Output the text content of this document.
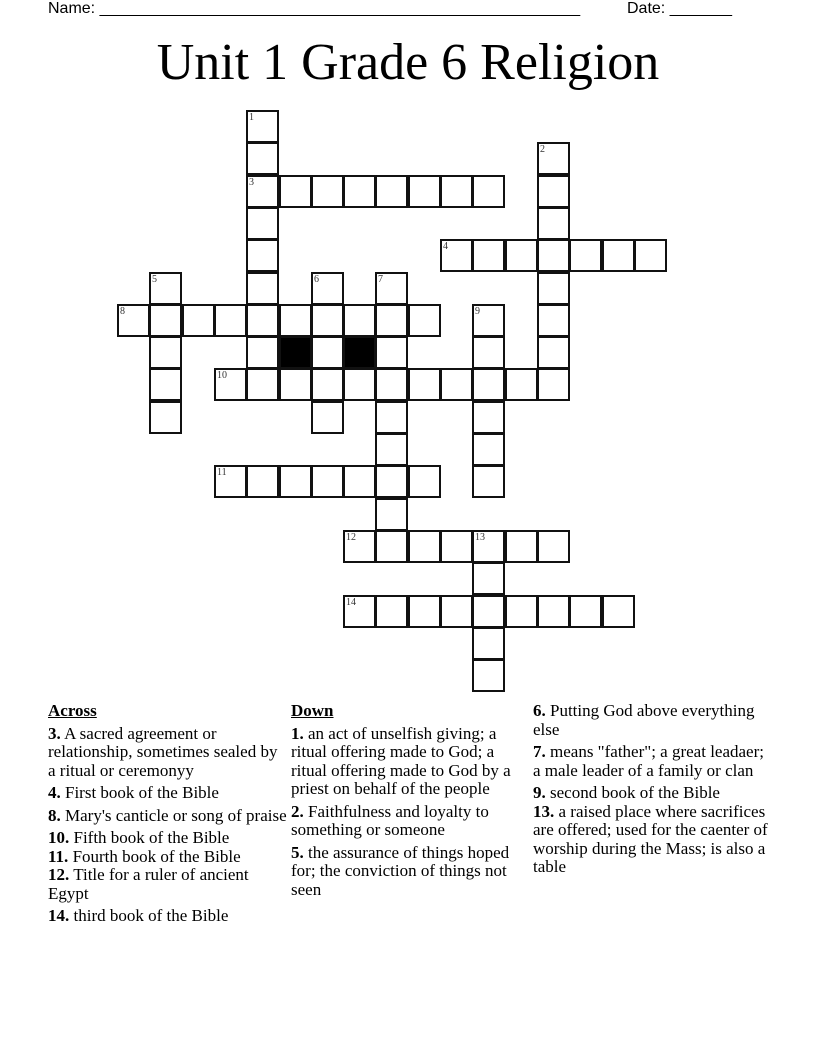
Name: ______________________________________________________	Date: _______
Unit 1 Grade 6 Religion
1
3
2
4
5	6	7
8	9
10
11
12	13
14
Across
3. A sacred agreement or relationship, sometimes sealed by a ritual or ceremonyy
4. First book of the Bible
8. Mary's canticle or song of praise
10. Fifth book of the Bible
11. Fourth book of the Bible
12. Title for a ruler of ancient Egypt
14. third book of the Bible
Down
1. an act of unselfish giving; a ritual offering made to God; a ritual offering made to God by a priest on behalf of the people
2. Faithfulness and loyalty to something or someone
5. the assurance of things hoped for; the conviction of things not seen
6. Putting God above everything else
7. means "father"; a great leadaer; a male leader of a family or clan
9. second book of the Bible
13. a raised place where sacrifices are offered; used for the caenter of worship during the Mass; is also a table
